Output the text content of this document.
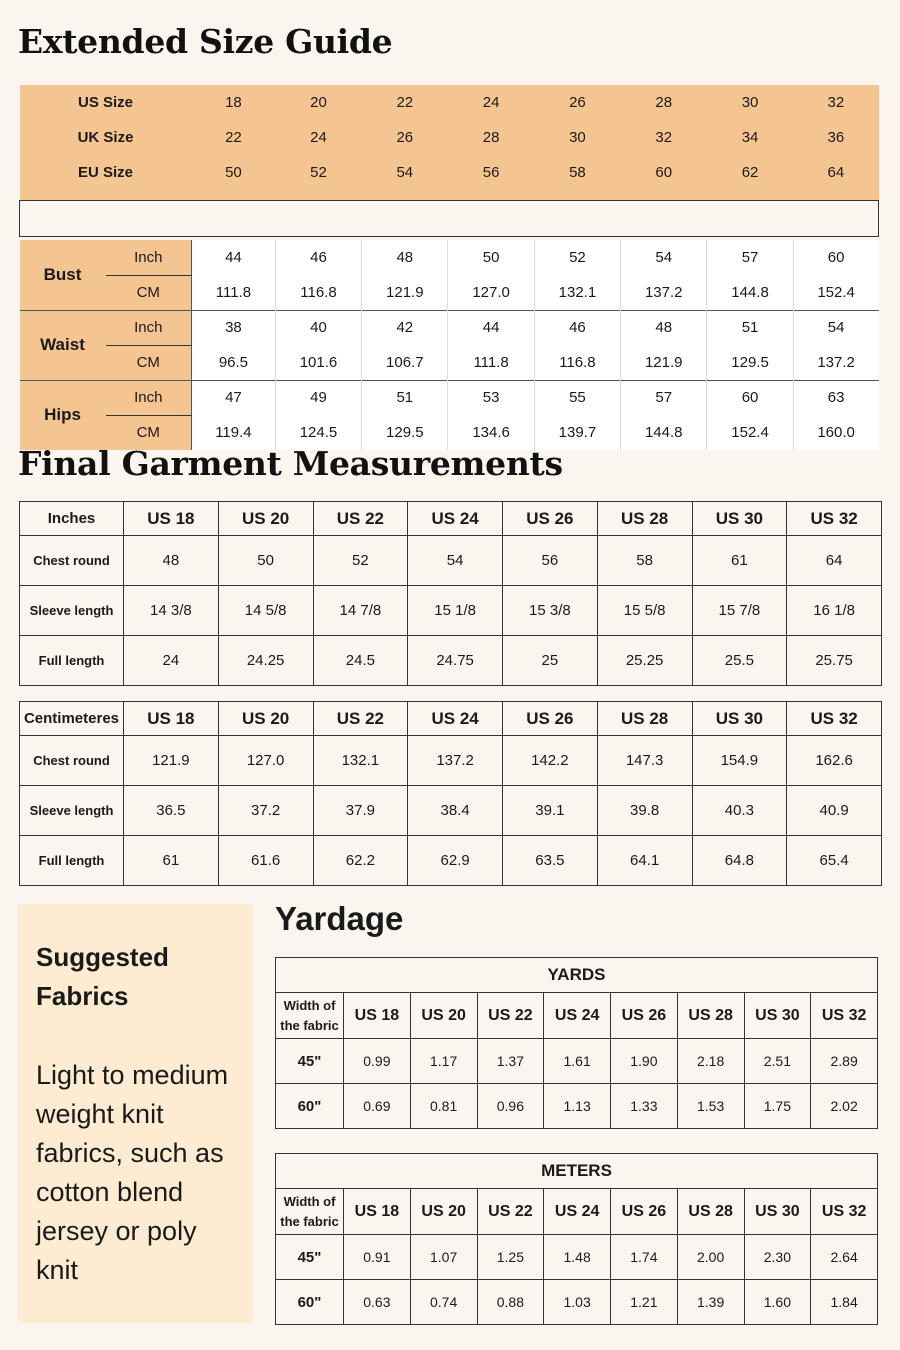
Extended Size Guide
US Size		18	20	22	24	26	28	30	32
UK Size		22	24	26	28	30	32	34	36
EU Size		50	52	54	56	58	60	62	64

Bust	Inch	44	46	48	50	52	54	57	60
	CM	111.8	116.8	121.9	127.0	132.1	137.2	144.8	152.4
Waist	Inch	38	40	42	44	46	48	51	54
	CM	96.5	101.6	106.7	111.8	116.8	121.9	129.5	137.2
Hips	Inch	47	49	51	53	55	57	60	63
	CM	119.4	124.5	129.5	134.6	139.7	144.8	152.4	160.0
Final Garment Measurements
Inches	US 18	US 20	US 22	US 24	US 26	US 28	US 30	US 32
Chest round	48	50	52	54	56	58	61	64
Sleeve length	14 3/8	14 5/8	14 7/8	15 1/8	15 3/8	15 5/8	15 7/8	16 1/8
Full length	24	24.25	24.5	24.75	25	25.25	25.5	25.75
Centimeteres	US 18	US 20	US 22	US 24	US 26	US 28	US 30	US 32
Chest round	121.9	127.0	132.1	137.2	142.2	147.3	154.9	162.6
Sleeve length	36.5	37.2	37.9	38.4	39.1	39.8	40.3	40.9
Full length	61	61.6	62.2	62.9	63.5	64.1	64.8	65.4
Suggested Fabrics
Light to medium weight knit fabrics, such as cotton blend jersey or poly knit
Yardage
YARDS								
Width of the fabric	US 18	US 20	US 22	US 24	US 26	US 28	US 30	US 32
45"	0.99	1.17	1.37	1.61	1.90	2.18	2.51	2.89
60"	0.69	0.81	0.96	1.13	1.33	1.53	1.75	2.02
METERS								
Width of the fabric	US 18	US 20	US 22	US 24	US 26	US 28	US 30	US 32
45"	0.91	1.07	1.25	1.48	1.74	2.00	2.30	2.64
60"	0.63	0.74	0.88	1.03	1.21	1.39	1.60	1.84
